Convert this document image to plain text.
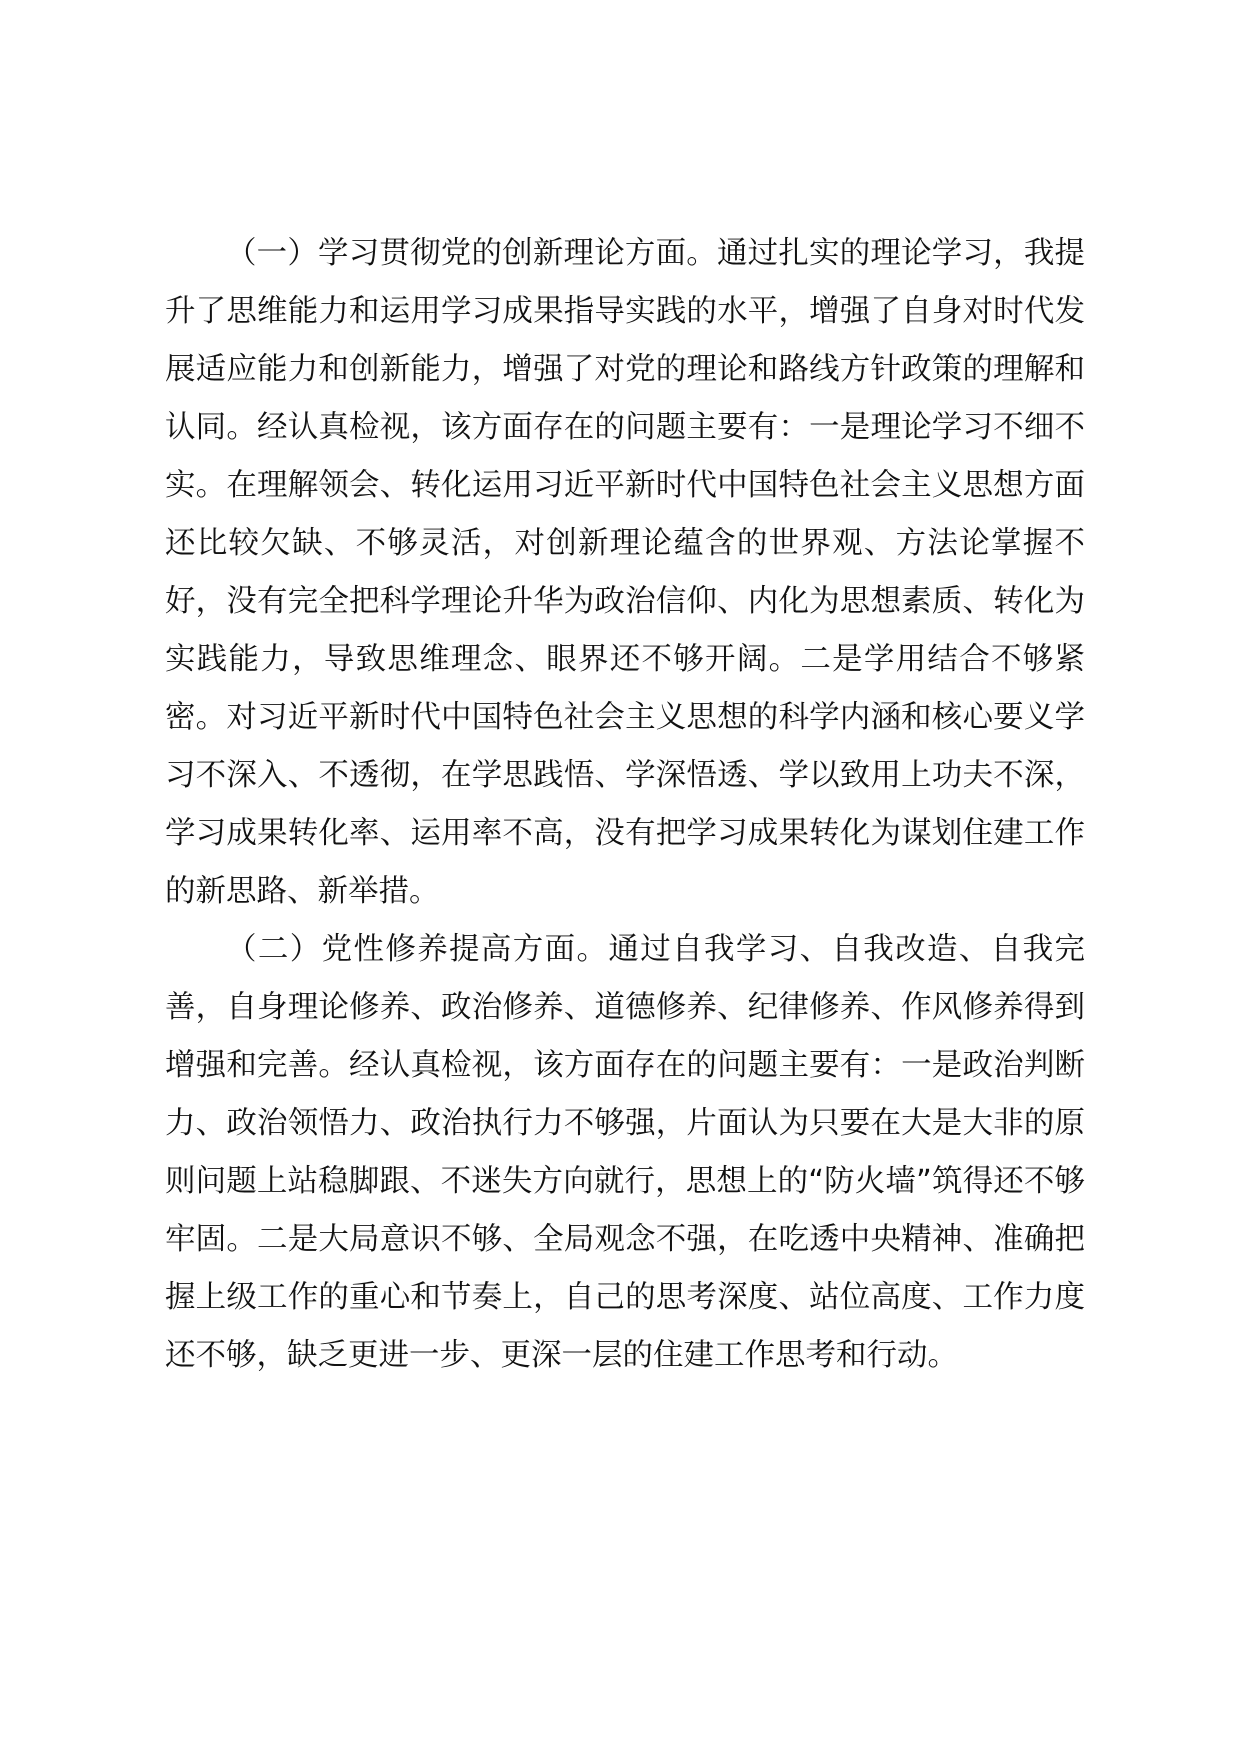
（一）学习贯彻党的创新理论方面。通过扎实的理论学习，我提升了思维能力和运用学习成果指导实践的水平，增强了自身对时代发展适应能力和创新能力，增强了对党的理论和路线方针政策的理解和认同。经认真检视，该方面存在的问题主要有：一是理论学习不细不实。在理解领会、转化运用习近平新时代中国特色社会主义思想方面还比较欠缺、不够灵活，对创新理论蕴含的世界观、方法论掌握不好，没有完全把科学理论升华为政治信仰、内化为思想素质、转化为实践能力，导致思维理念、眼界还不够开阔。二是学用结合不够紧密。对习近平新时代中国特色社会主义思想的科学内涵和核心要义学习不深入、不透彻，在学思践悟、学深悟透、学以致用上功夫不深，学习成果转化率、运用率不高，没有把学习成果转化为谋划住建工作的新思路、新举措。

（二）党性修养提高方面。通过自我学习、自我改造、自我完善，自身理论修养、政治修养、道德修养、纪律修养、作风修养得到增强和完善。经认真检视，该方面存在的问题主要有：一是政治判断力、政治领悟力、政治执行力不够强，片面认为只要在大是大非的原则问题上站稳脚跟、不迷失方向就行，思想上的“防火墙”筑得还不够牢固。二是大局意识不够、全局观念不强，在吃透中央精神、准确把握上级工作的重心和节奏上，自己的思考深度、站位高度、工作力度还不够，缺乏更进一步、更深一层的住建工作思考和行动。
